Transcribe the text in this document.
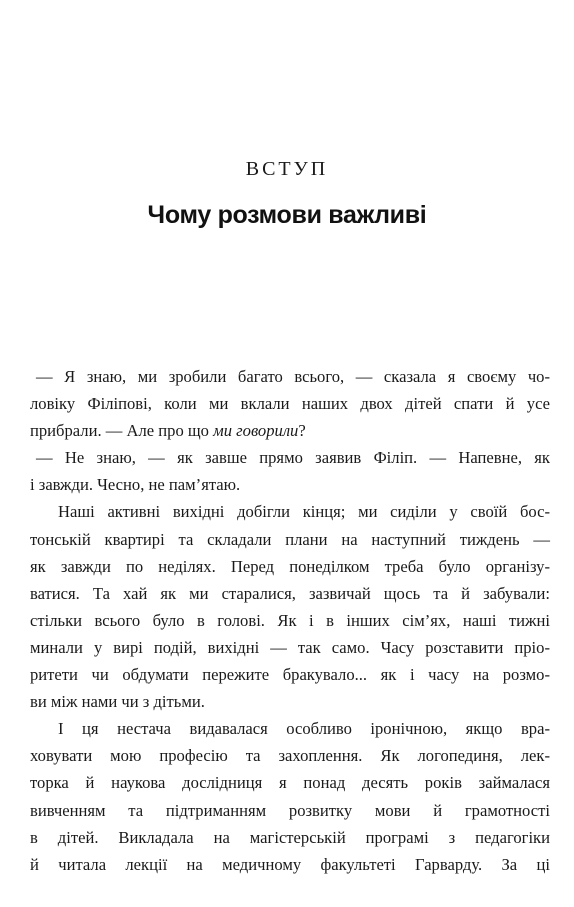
ВСТУП
Чому розмови важливі
— Я знаю, ми зробили багато всього, — сказала я своєму чо-
ловіку Філіпові, коли ми вклали наших двох дітей спати й усе
прибрали. — Але про що ми говорили?
— Не знаю, — як завше прямо заявив Філіп. — Напевне, як
і завжди. Чесно, не пам’ятаю.
Наші активні вихідні добігли кінця; ми сиділи у своїй бос-
тонській квартирі та складали плани на наступний тиждень —
як завжди по неділях. Перед понеділком треба було організу-
ватися. Та хай як ми старалися, зазвичай щось та й забували:
стільки всього було в голові. Як і в інших сім’ях, наші тижні
минали у вирі подій, вихідні — так само. Часу розставити пріо-
ритети чи обдумати пережите бракувало... як і часу на розмо-
ви між нами чи з дітьми.
І ця нестача видавалася особливо іронічною, якщо вра-
ховувати мою професію та захоплення. Як логопединя, лек-
торка й наукова дослідниця я понад десять років займалася
вивченням та підтриманням розвитку мови й грамотності
в дітей. Викладала на магістерській програмі з педагогіки
й читала лекції на медичному факультеті Гарварду. За ці
